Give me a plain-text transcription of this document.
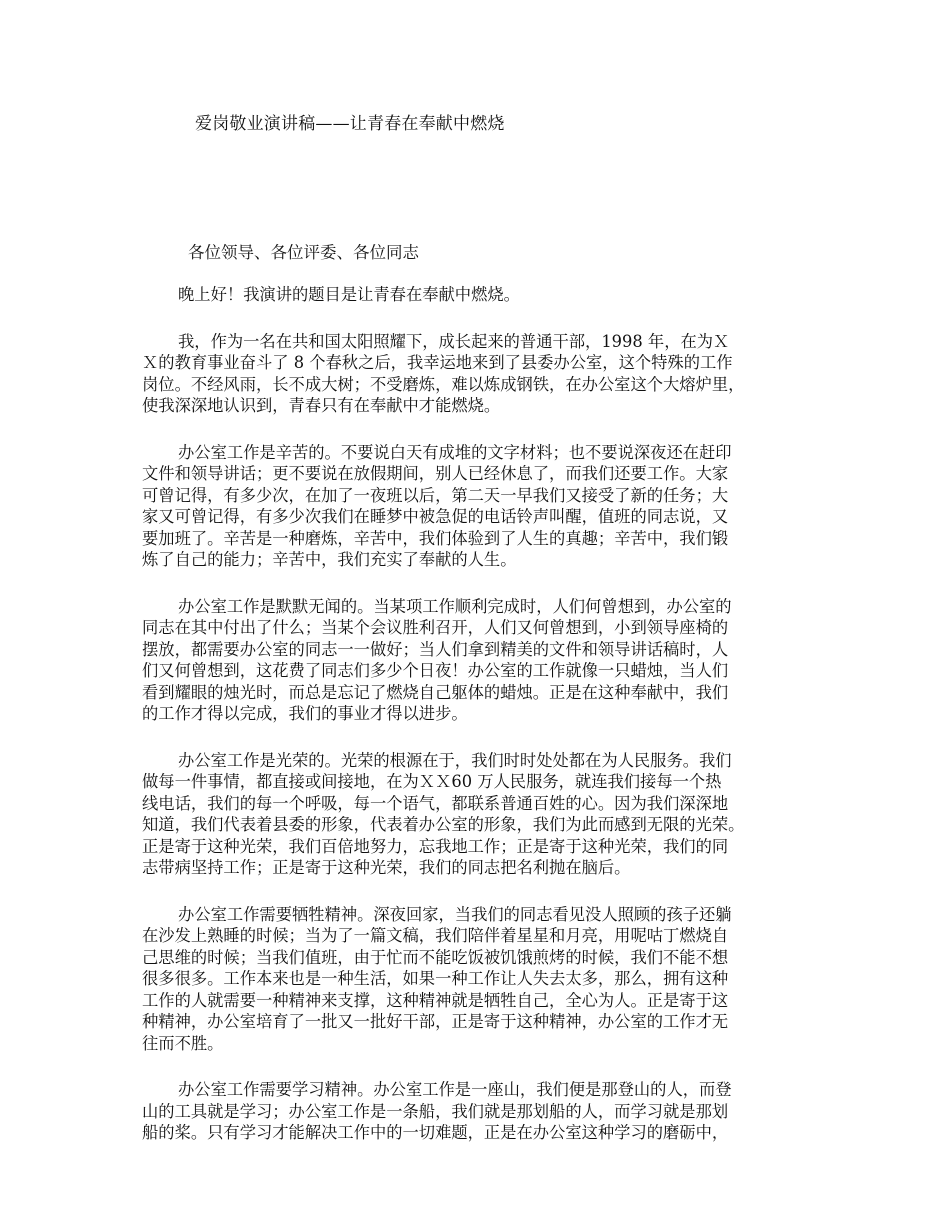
爱岗敬业演讲稿——让青春在奉献中燃烧
各位领导、各位评委、各位同志
晚上好！我演讲的题目是让青春在奉献中燃烧。
我，作为一名在共和国太阳照耀下，成长起来的普通干部，1998 年，在为Ｘ
Ｘ的教育事业奋斗了 8 个春秋之后，我幸运地来到了县委办公室，这个特殊的工作
岗位。不经风雨，长不成大树；不受磨炼，难以炼成钢铁，在办公室这个大熔炉里，
使我深深地认识到，青春只有在奉献中才能燃烧。
办公室工作是辛苦的。不要说白天有成堆的文字材料；也不要说深夜还在赶印
文件和领导讲话；更不要说在放假期间，别人已经休息了，而我们还要工作。大家
可曾记得，有多少次，在加了一夜班以后，第二天一早我们又接受了新的任务；大
家又可曾记得，有多少次我们在睡梦中被急促的电话铃声叫醒，值班的同志说，又
要加班了。辛苦是一种磨炼，辛苦中，我们体验到了人生的真趣；辛苦中，我们锻
炼了自己的能力；辛苦中，我们充实了奉献的人生。
办公室工作是默默无闻的。当某项工作顺利完成时，人们何曾想到，办公室的
同志在其中付出了什么；当某个会议胜利召开，人们又何曾想到，小到领导座椅的
摆放，都需要办公室的同志一一做好；当人们拿到精美的文件和领导讲话稿时，人
们又何曾想到，这花费了同志们多少个日夜！办公室的工作就像一只蜡烛，当人们
看到耀眼的烛光时，而总是忘记了燃烧自己躯体的蜡烛。正是在这种奉献中，我们
的工作才得以完成，我们的事业才得以进步。
办公室工作是光荣的。光荣的根源在于，我们时时处处都在为人民服务。我们
做每一件事情，都直接或间接地，在为ＸＸ60 万人民服务，就连我们接每一个热
线电话，我们的每一个呼吸，每一个语气，都联系普通百姓的心。因为我们深深地
知道，我们代表着县委的形象，代表着办公室的形象，我们为此而感到无限的光荣。
正是寄于这种光荣，我们百倍地努力，忘我地工作；正是寄于这种光荣，我们的同
志带病坚持工作；正是寄于这种光荣，我们的同志把名利抛在脑后。
办公室工作需要牺牲精神。深夜回家，当我们的同志看见没人照顾的孩子还躺
在沙发上熟睡的时候；当为了一篇文稿，我们陪伴着星星和月亮，用呢咕丁燃烧自
己思维的时候；当我们值班，由于忙而不能吃饭被饥饿煎烤的时候，我们不能不想
很多很多。工作本来也是一种生活，如果一种工作让人失去太多，那么，拥有这种
工作的人就需要一种精神来支撑，这种精神就是牺牲自己，全心为人。正是寄于这
种精神，办公室培育了一批又一批好干部，正是寄于这种精神，办公室的工作才无
往而不胜。
办公室工作需要学习精神。办公室工作是一座山，我们便是那登山的人，而登
山的工具就是学习；办公室工作是一条船，我们就是那划船的人，而学习就是那划
船的桨。只有学习才能解决工作中的一切难题，正是在办公室这种学习的磨砺中，
